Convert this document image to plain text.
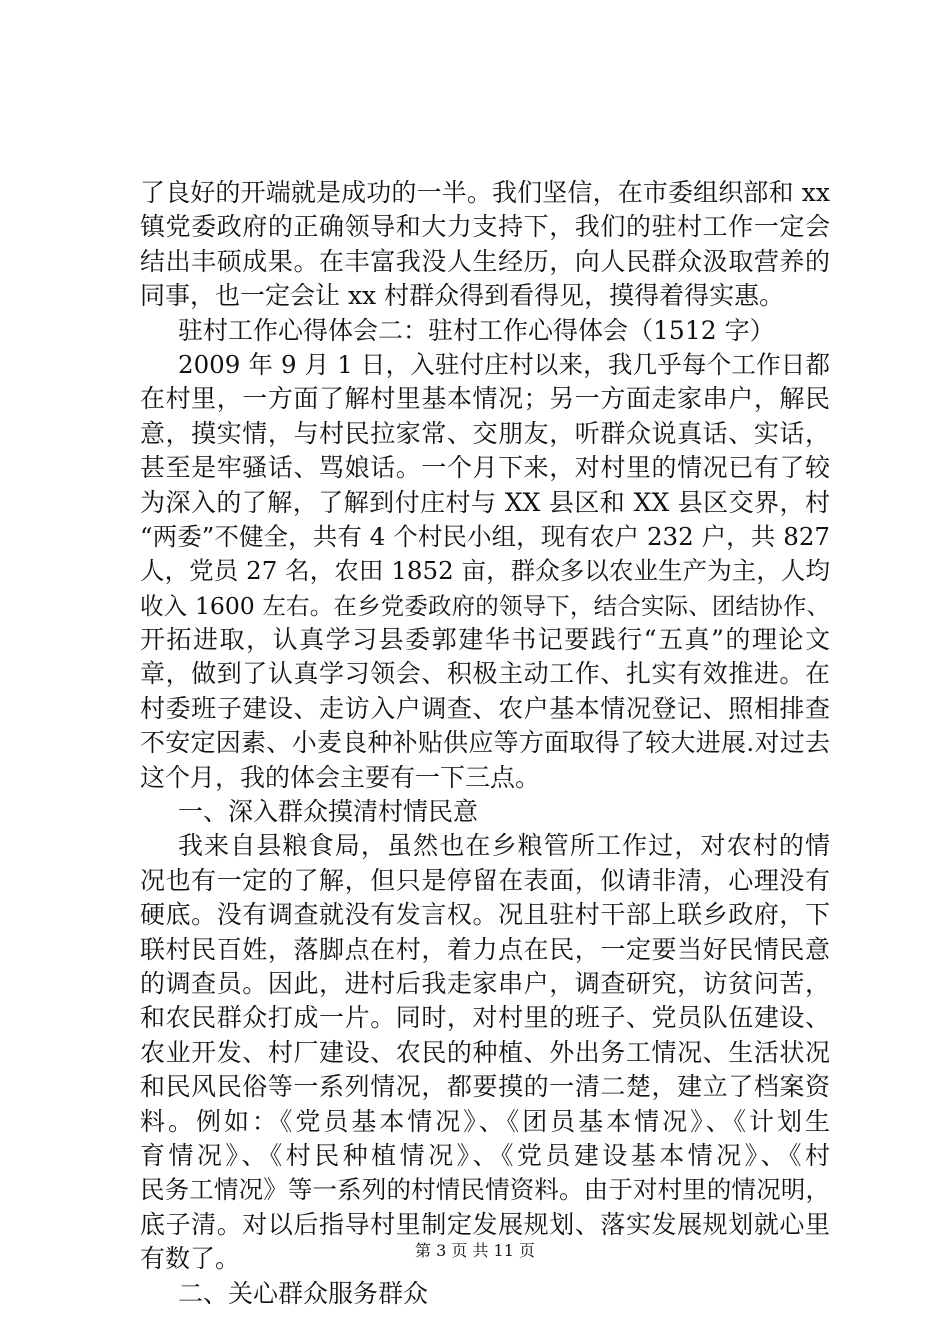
了良好的开端就是成功的一半。我们坚信，在市委组织部和 xx
镇党委政府的正确领导和大力支持下，我们的驻村工作一定会
结出丰硕成果。在丰富我没人生经历，向人民群众汲取营养的
同事，也一定会让 xx 村群众得到看得见，摸得着得实惠。
驻村工作心得体会二：驻村工作心得体会（1512 字）
2009 年 9 月 1 日，入驻付庄村以来，我几乎每个工作日都
在村里，一方面了解村里基本情况；另一方面走家串户，解民
意，摸实情，与村民拉家常、交朋友，听群众说真话、实话，
甚至是牢骚话、骂娘话。一个月下来，对村里的情况已有了较
为深入的了解，了解到付庄村与 XX 县区和 XX 县区交界，村
“两委”不健全，共有 4 个村民小组，现有农户 232 户，共 827
人，党员 27 名，农田 1852 亩，群众多以农业生产为主，人均
收入 1600 左右。在乡党委政府的领导下，结合实际、团结协作、
开拓进取，认真学习县委郭建华书记要践行“五真”的理论文
章，做到了认真学习领会、积极主动工作、扎实有效推进。在
村委班子建设、走访入户调查、农户基本情况登记、照相排查
不安定因素、小麦良种补贴供应等方面取得了较大进展.对过去
这个月，我的体会主要有一下三点。
一、深入群众摸清村情民意
我来自县粮食局，虽然也在乡粮管所工作过，对农村的情
况也有一定的了解，但只是停留在表面，似请非清，心理没有
硬底。没有调查就没有发言权。况且驻村干部上联乡政府，下
联村民百姓，落脚点在村，着力点在民，一定要当好民情民意
的调查员。因此，进村后我走家串户，调查研究，访贫问苦，
和农民群众打成一片。同时，对村里的班子、党员队伍建设、
农业开发、村厂建设、农民的种植、外出务工情况、生活状况
和民风民俗等一系列情况，都要摸的一清二楚，建立了档案资
料。例如：《党员基本情况》、《团员基本情况》、《计划生
育情况》、《村民种植情况》、《党员建设基本情况》、《村
民务工情况》等一系列的村情民情资料。由于对村里的情况明，
底子清。对以后指导村里制定发展规划、落实发展规划就心里
有数了。
二、关心群众服务群众
第 3 页 共 11 页
